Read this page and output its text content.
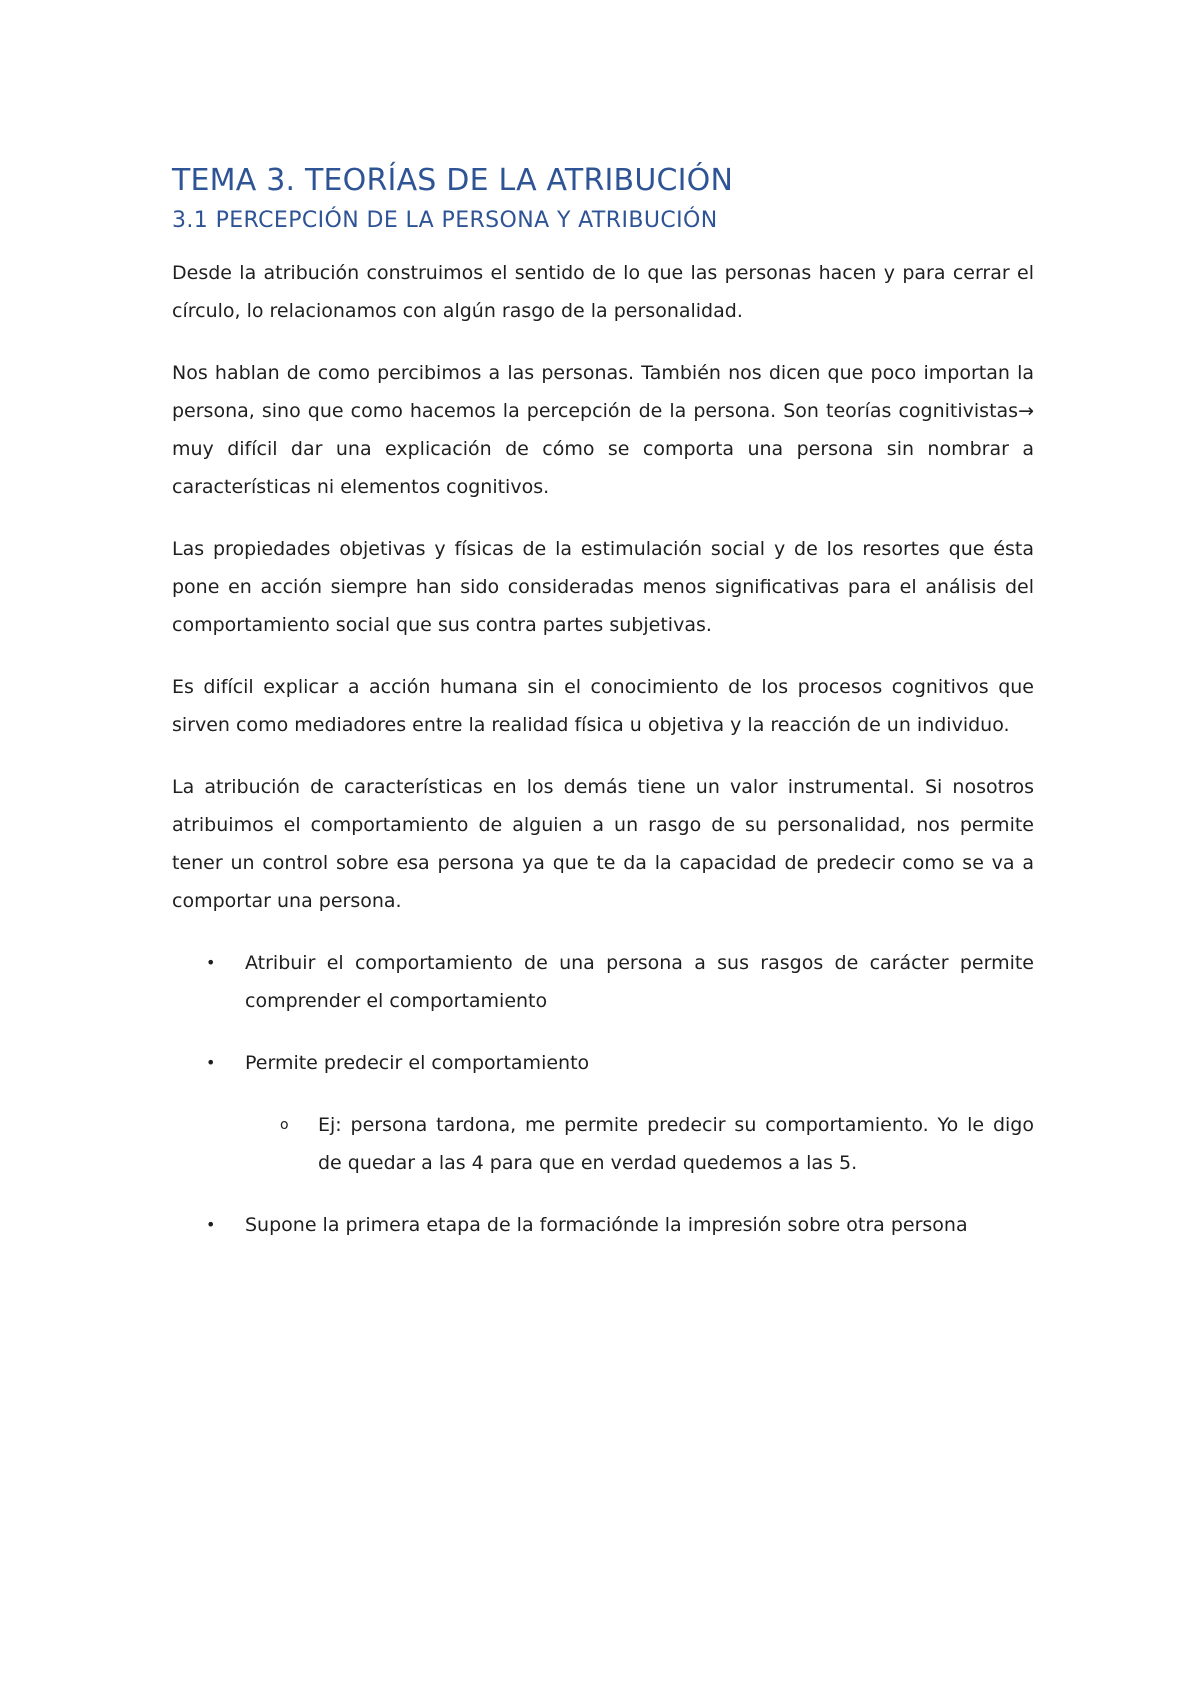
TEMA 3. TEORÍAS DE LA ATRIBUCIÓN
3.1 PERCEPCIÓN DE LA PERSONA Y ATRIBUCIÓN

Desde la atribución construimos el sentido de lo que las personas hacen y para cerrar el círculo, lo relacionamos con algún rasgo de la personalidad.

Nos hablan de como percibimos a las personas. También nos dicen que poco importan la persona, sino que como hacemos la percepción de la persona. Son teorías cognitivistas→ muy difícil dar una explicación de cómo se comporta una persona sin nombrar a características ni elementos cognitivos.

Las propiedades objetivas y físicas de la estimulación social y de los resortes que ésta pone en acción siempre han sido consideradas menos significativas para el análisis del comportamiento social que sus contra partes subjetivas.

Es difícil explicar a acción humana sin el conocimiento de los procesos cognitivos que sirven como mediadores entre la realidad física u objetiva y la reacción de un individuo.

La atribución de características en los demás tiene un valor instrumental. Si nosotros atribuimos el comportamiento de alguien a un rasgo de su personalidad, nos permite tener un control sobre esa persona ya que te da la capacidad de predecir como se va a comportar una persona.

• Atribuir el comportamiento de una persona a sus rasgos de carácter permite comprender el comportamiento
• Permite predecir el comportamiento
o Ej: persona tardona, me permite predecir su comportamiento. Yo le digo de quedar a las 4 para que en verdad quedemos a las 5.
• Supone la primera etapa de la formaciónde la impresión sobre otra persona
